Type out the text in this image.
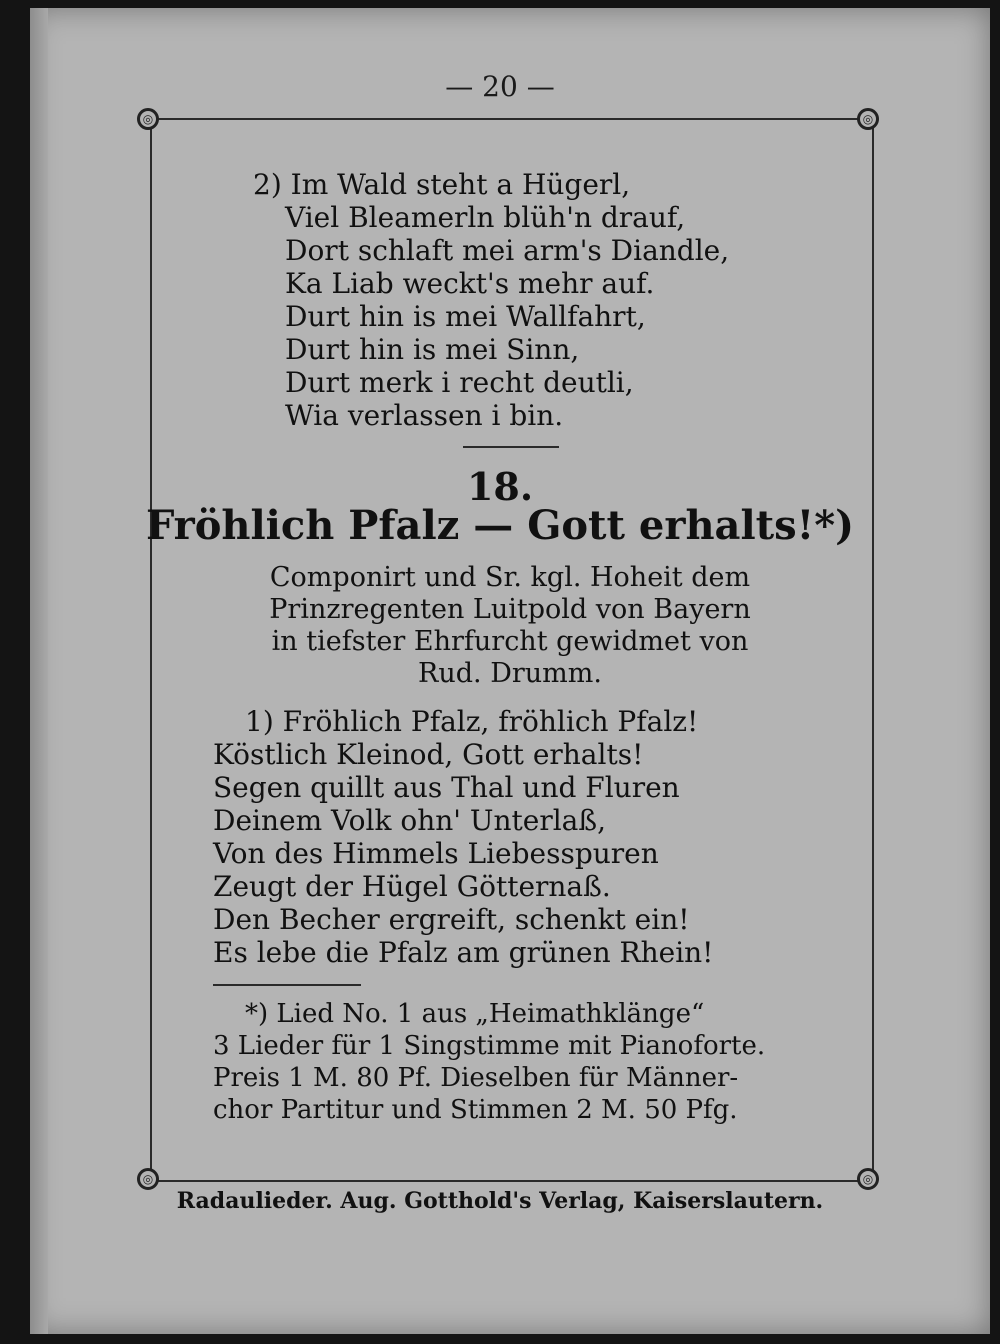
— 20 —
◎	◎
◎	◎
2) Im Wald steht a Hügerl,
Viel Bleamerln blüh'n drauf,
Dort schlaft mei arm's Diandle,
Ka Liab weckt's mehr auf.
Durt hin is mei Wallfahrt,
Durt hin is mei Sinn,
Durt merk i recht deutli,
Wia verlassen i bin.
18.
Fröhlich Pfalz — Gott erhalts!*)
Componirt und Sr. kgl. Hoheit dem
Prinzregenten Luitpold von Bayern
in tiefster Ehrfurcht gewidmet von
Rud. Drumm.
1) Fröhlich Pfalz, fröhlich Pfalz!
Köstlich Kleinod, Gott erhalts!
Segen quillt aus Thal und Fluren
Deinem Volk ohn' Unterlaß,
Von des Himmels Liebesspuren
Zeugt der Hügel Götternaß.
Den Becher ergreift, schenkt ein!
Es lebe die Pfalz am grünen Rhein!
*) Lied No. 1 aus „Heimathklänge“
3 Lieder für 1 Singstimme mit Pianoforte.
Preis 1 M. 80 Pf. Dieselben für Männer-
chor Partitur und Stimmen 2 M. 50 Pfg.
Radaulieder. Aug. Gotthold's Verlag, Kaiserslautern.
